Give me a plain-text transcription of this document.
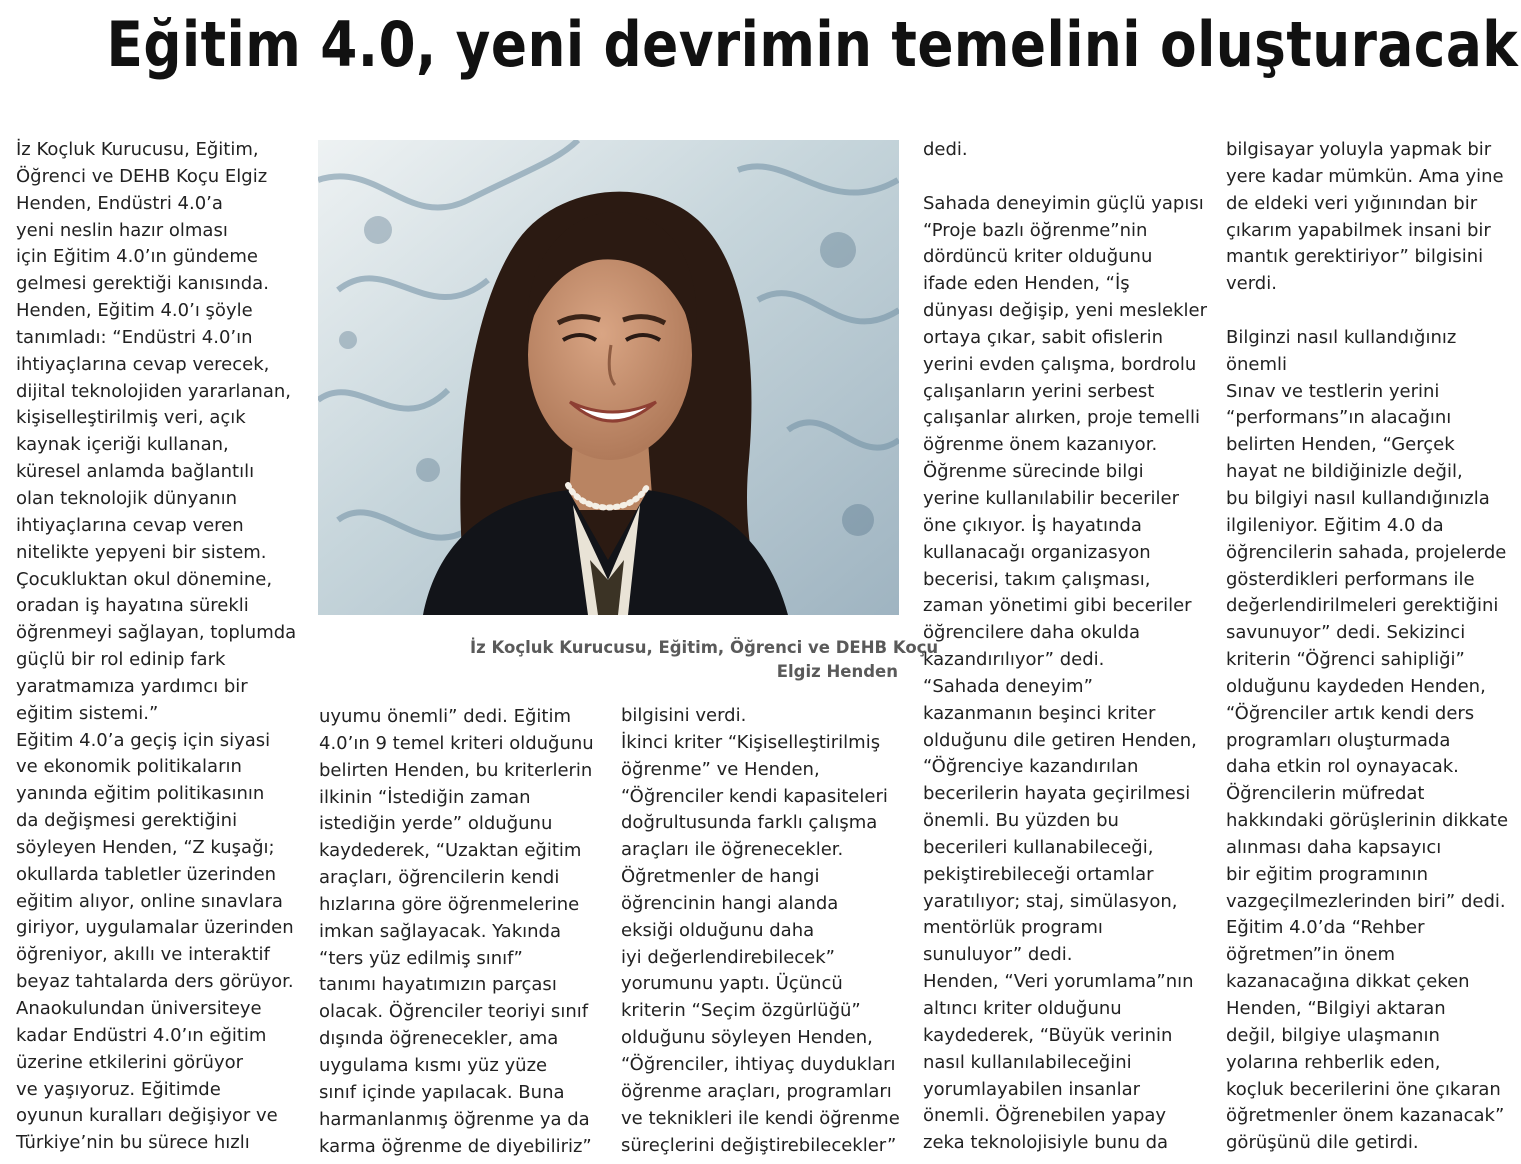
Eğitim 4.0, yeni devrimin temelini oluşturacak
İz Koçluk Kurucusu, Eğitim,
Öğrenci ve DEHB Koçu Elgiz
Henden, Endüstri 4.0’a
yeni neslin hazır olması
için Eğitim 4.0’ın gündeme
gelmesi gerektiği kanısında.
Henden, Eğitim 4.0’ı şöyle
tanımladı: “Endüstri 4.0’ın
ihtiyaçlarına cevap verecek,
dijital teknolojiden yararlanan,
kişiselleştirilmiş veri, açık
kaynak içeriği kullanan,
küresel anlamda bağlantılı
olan teknolojik dünyanın
ihtiyaçlarına cevap veren
nitelikte yepyeni bir sistem.
Çocukluktan okul dönemine,
oradan iş hayatına sürekli
öğrenmeyi sağlayan, toplumda
güçlü bir rol edinip fark
yaratmamıza yardımcı bir
eğitim sistemi.”
Eğitim 4.0’a geçiş için siyasi
ve ekonomik politikaların
yanında eğitim politikasının
da değişmesi gerektiğini
söyleyen Henden, “Z kuşağı;
okullarda tabletler üzerinden
eğitim alıyor, online sınavlara
giriyor, uygulamalar üzerinden
öğreniyor, akıllı ve interaktif
beyaz tahtalarda ders görüyor.
Anaokulundan üniversiteye
kadar Endüstri 4.0’ın eğitim
üzerine etkilerini görüyor
ve yaşıyoruz. Eğitimde
oyunun kuralları değişiyor ve
Türkiye’nin bu sürece hızlı
İz Koçluk Kurucusu, Eğitim, Öğrenci ve DEHB Koçu
Elgiz Henden
uyumu önemli” dedi. Eğitim
4.0’ın 9 temel kriteri olduğunu
belirten Henden, bu kriterlerin
ilkinin “İstediğin zaman
istediğin yerde” olduğunu
kaydederek, “Uzaktan eğitim
araçları, öğrencilerin kendi
hızlarına göre öğrenmelerine
imkan sağlayacak. Yakında
“ters yüz edilmiş sınıf”
tanımı hayatımızın parçası
olacak. Öğrenciler teoriyi sınıf
dışında öğrenecekler, ama
uygulama kısmı yüz yüze
sınıf içinde yapılacak. Buna
harmanlanmış öğrenme ya da
karma öğrenme de diyebiliriz”
bilgisini verdi.
İkinci kriter “Kişiselleştirilmiş
öğrenme” ve Henden,
“Öğrenciler kendi kapasiteleri
doğrultusunda farklı çalışma
araçları ile öğrenecekler.
Öğretmenler de hangi
öğrencinin hangi alanda
eksiği olduğunu daha
iyi değerlendirebilecek”
yorumunu yaptı. Üçüncü
kriterin “Seçim özgürlüğü”
olduğunu söyleyen Henden,
“Öğrenciler, ihtiyaç duydukları
öğrenme araçları, programları
ve teknikleri ile kendi öğrenme
süreçlerini değiştirebilecekler”
dedi.
Sahada deneyimin güçlü yapısı
“Proje bazlı öğrenme”nin
dördüncü kriter olduğunu
ifade eden Henden, “İş
dünyası değişip, yeni meslekler
ortaya çıkar, sabit ofislerin
yerini evden çalışma, bordrolu
çalışanların yerini serbest
çalışanlar alırken, proje temelli
öğrenme önem kazanıyor.
Öğrenme sürecinde bilgi
yerine kullanılabilir beceriler
öne çıkıyor. İş hayatında
kullanacağı organizasyon
becerisi, takım çalışması,
zaman yönetimi gibi beceriler
öğrencilere daha okulda
kazandırılıyor” dedi.
“Sahada deneyim”
kazanmanın beşinci kriter
olduğunu dile getiren Henden,
“Öğrenciye kazandırılan
becerilerin hayata geçirilmesi
önemli. Bu yüzden bu
becerileri kullanabileceği,
pekiştirebileceği ortamlar
yaratılıyor; staj, simülasyon,
mentörlük programı
sunuluyor” dedi.
Henden, “Veri yorumlama”nın
altıncı kriter olduğunu
kaydederek, “Büyük verinin
nasıl kullanılabileceğini
yorumlayabilen insanlar
önemli. Öğrenebilen yapay
zeka teknolojisiyle bunu da
bilgisayar yoluyla yapmak bir
yere kadar mümkün. Ama yine
de eldeki veri yığınından bir
çıkarım yapabilmek insani bir
mantık gerektiriyor” bilgisini
verdi.
Bilginzi nasıl kullandığınız
önemli
Sınav ve testlerin yerini
“performans”ın alacağını
belirten Henden, “Gerçek
hayat ne bildiğinizle değil,
bu bilgiyi nasıl kullandığınızla
ilgileniyor. Eğitim 4.0 da
öğrencilerin sahada, projelerde
gösterdikleri performans ile
değerlendirilmeleri gerektiğini
savunuyor” dedi. Sekizinci
kriterin “Öğrenci sahipliği”
olduğunu kaydeden Henden,
“Öğrenciler artık kendi ders
programları oluşturmada
daha etkin rol oynayacak.
Öğrencilerin müfredat
hakkındaki görüşlerinin dikkate
alınması daha kapsayıcı
bir eğitim programının
vazgeçilmezlerinden biri” dedi.
Eğitim 4.0’da “Rehber
öğretmen”in önem
kazanacağına dikkat çeken
Henden, “Bilgiyi aktaran
değil, bilgiye ulaşmanın
yolarına rehberlik eden,
koçluk becerilerini öne çıkaran
öğretmenler önem kazanacak”
görüşünü dile getirdi.
